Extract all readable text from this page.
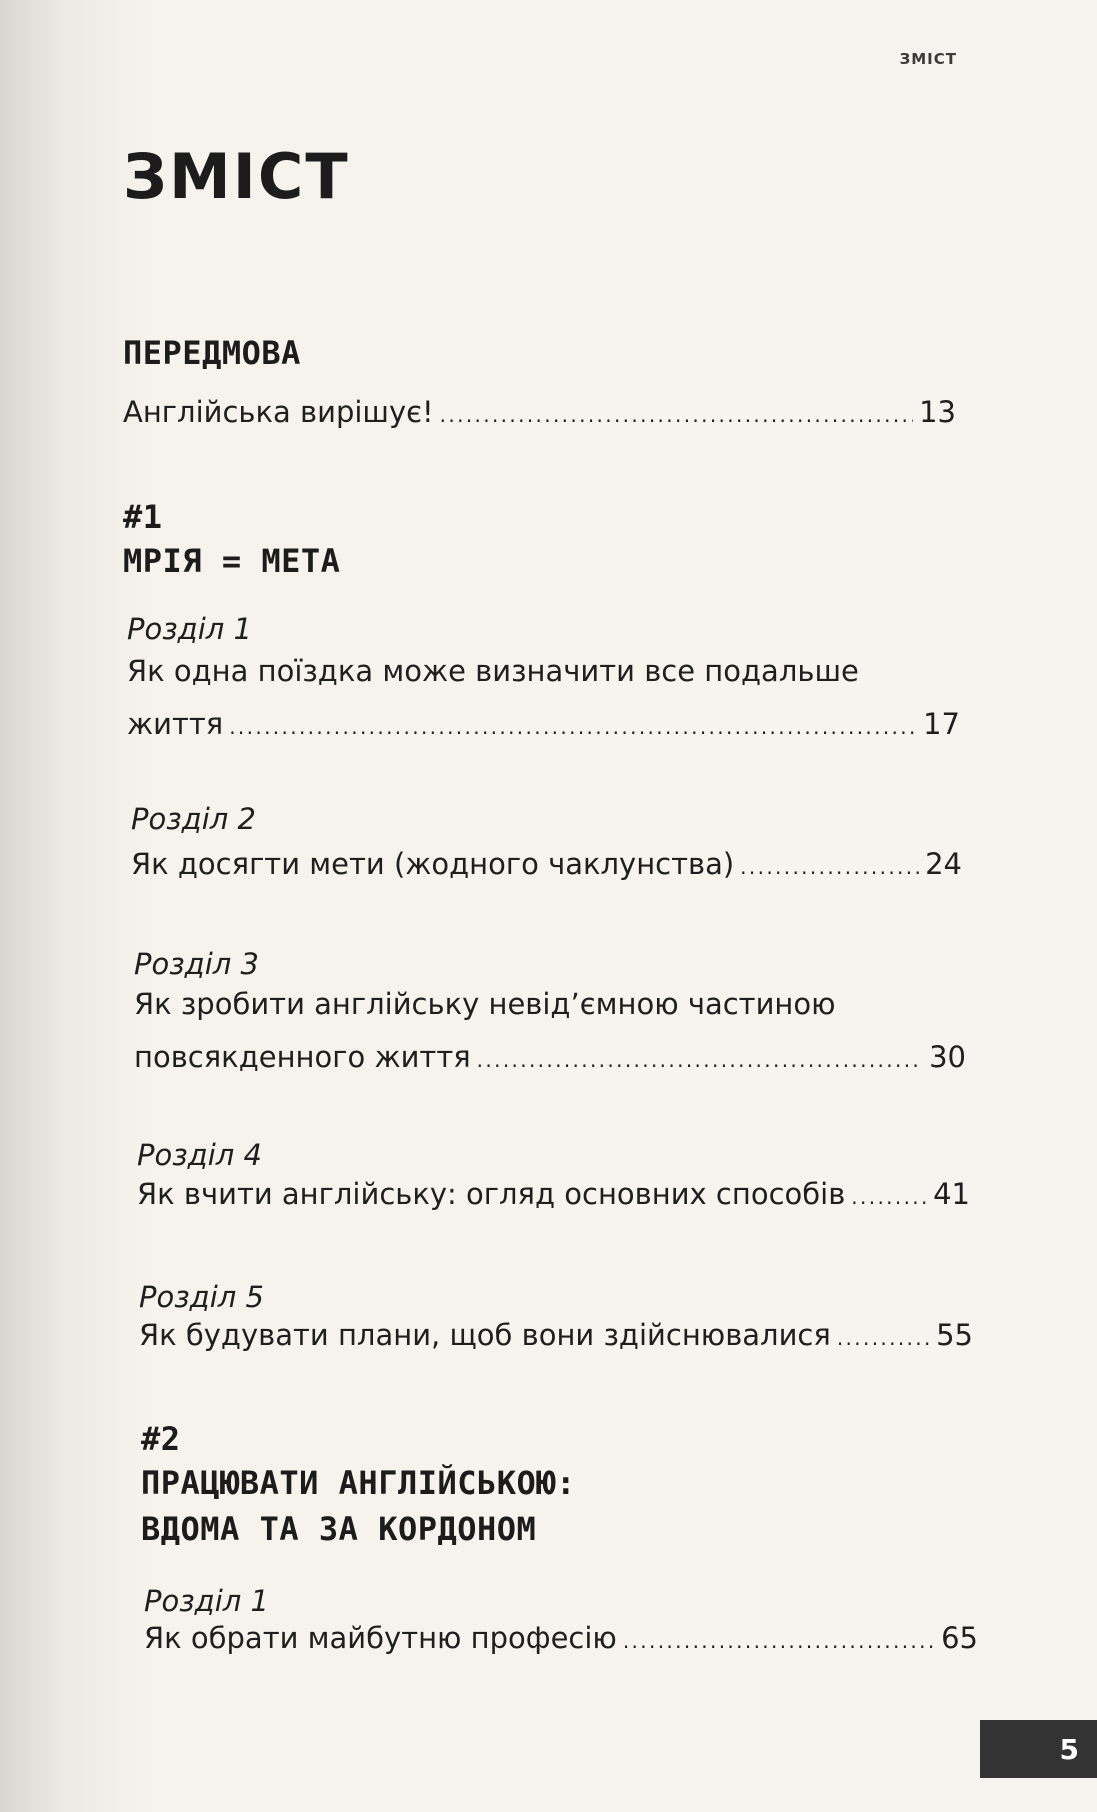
ЗМІСТ
ЗМІСТ
ПЕРЕДМОВА
Англійська вирішує! . . .	13
#1
МРІЯ = МЕТА
Розділ 1
Як одна поїздка може визначити все подальше
життя . . .	17
Розділ 2
Як досягти мети (жодного чаклунства) . . .	24
Розділ 3
Як зробити англійську невід’ємною частиною
повсякденного життя . . .	30
Розділ 4
Як вчити англійську: огляд основних способів . . .	41
Розділ 5
Як будувати плани, щоб вони здійснювалися . . .	55
#2
ПРАЦЮВАТИ АНГЛІЙСЬКОЮ:
ВДОМА ТА ЗА КОРДОНОМ
Розділ 1
Як обрати майбутню професію . . .	65
5
